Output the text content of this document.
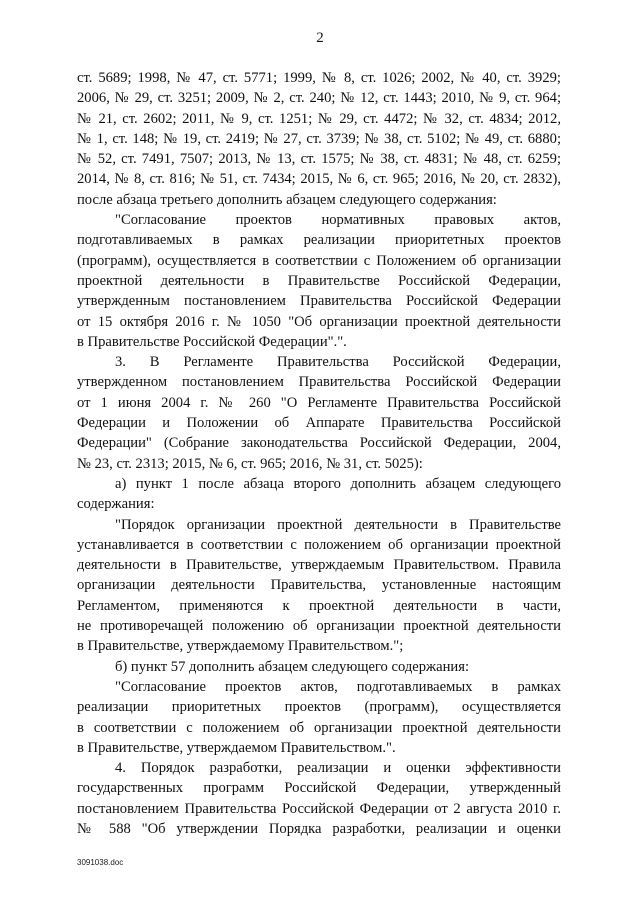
2
ст. 5689; 1998, № 47, ст. 5771; 1999, № 8, ст. 1026; 2002, № 40, ст. 3929;
2006, № 29, ст. 3251; 2009, № 2, ст. 240; № 12, ст. 1443; 2010, № 9, ст. 964;
№ 21, ст. 2602; 2011, № 9, ст. 1251; № 29, ст. 4472; № 32, ст. 4834; 2012,
№ 1, ст. 148; № 19, ст. 2419; № 27, ст. 3739; № 38, ст. 5102; № 49, ст. 6880;
№ 52, ст. 7491, 7507; 2013, № 13, ст. 1575; № 38, ст. 4831; № 48, ст. 6259;
2014, № 8, ст. 816; № 51, ст. 7434; 2015, № 6, ст. 965; 2016, № 20, ст. 2832),
после абзаца третьего дополнить абзацем следующего содержания:
"Согласование проектов нормативных правовых актов,
подготавливаемых в рамках реализации приоритетных проектов
(программ), осуществляется в соответствии с Положением об организации
проектной деятельности в Правительстве Российской Федерации,
утвержденным постановлением Правительства Российской Федерации
от 15 октября 2016 г. № 1050 "Об организации проектной деятельности
в Правительстве Российской Федерации".".
3. В Регламенте Правительства Российской Федерации,
утвержденном постановлением Правительства Российской Федерации
от 1 июня 2004 г. № 260 "О Регламенте Правительства Российской
Федерации и Положении об Аппарате Правительства Российской
Федерации" (Собрание законодательства Российской Федерации, 2004,
№ 23, ст. 2313; 2015, № 6, ст. 965; 2016, № 31, ст. 5025):
а) пункт 1 после абзаца второго дополнить абзацем следующего
содержания:
"Порядок организации проектной деятельности в Правительстве
устанавливается в соответствии с положением об организации проектной
деятельности в Правительстве, утверждаемым Правительством. Правила
организации деятельности Правительства, установленные настоящим
Регламентом, применяются к проектной деятельности в части,
не противоречащей положению об организации проектной деятельности
в Правительстве, утверждаемому Правительством.";
б) пункт 57 дополнить абзацем следующего содержания:
"Согласование проектов актов, подготавливаемых в рамках
реализации приоритетных проектов (программ), осуществляется
в соответствии с положением об организации проектной деятельности
в Правительстве, утверждаемом Правительством.".
4. Порядок разработки, реализации и оценки эффективности
государственных программ Российской Федерации, утвержденный
постановлением Правительства Российской Федерации от 2 августа 2010 г.
№ 588 "Об утверждении Порядка разработки, реализации и оценки
3091038.doc
